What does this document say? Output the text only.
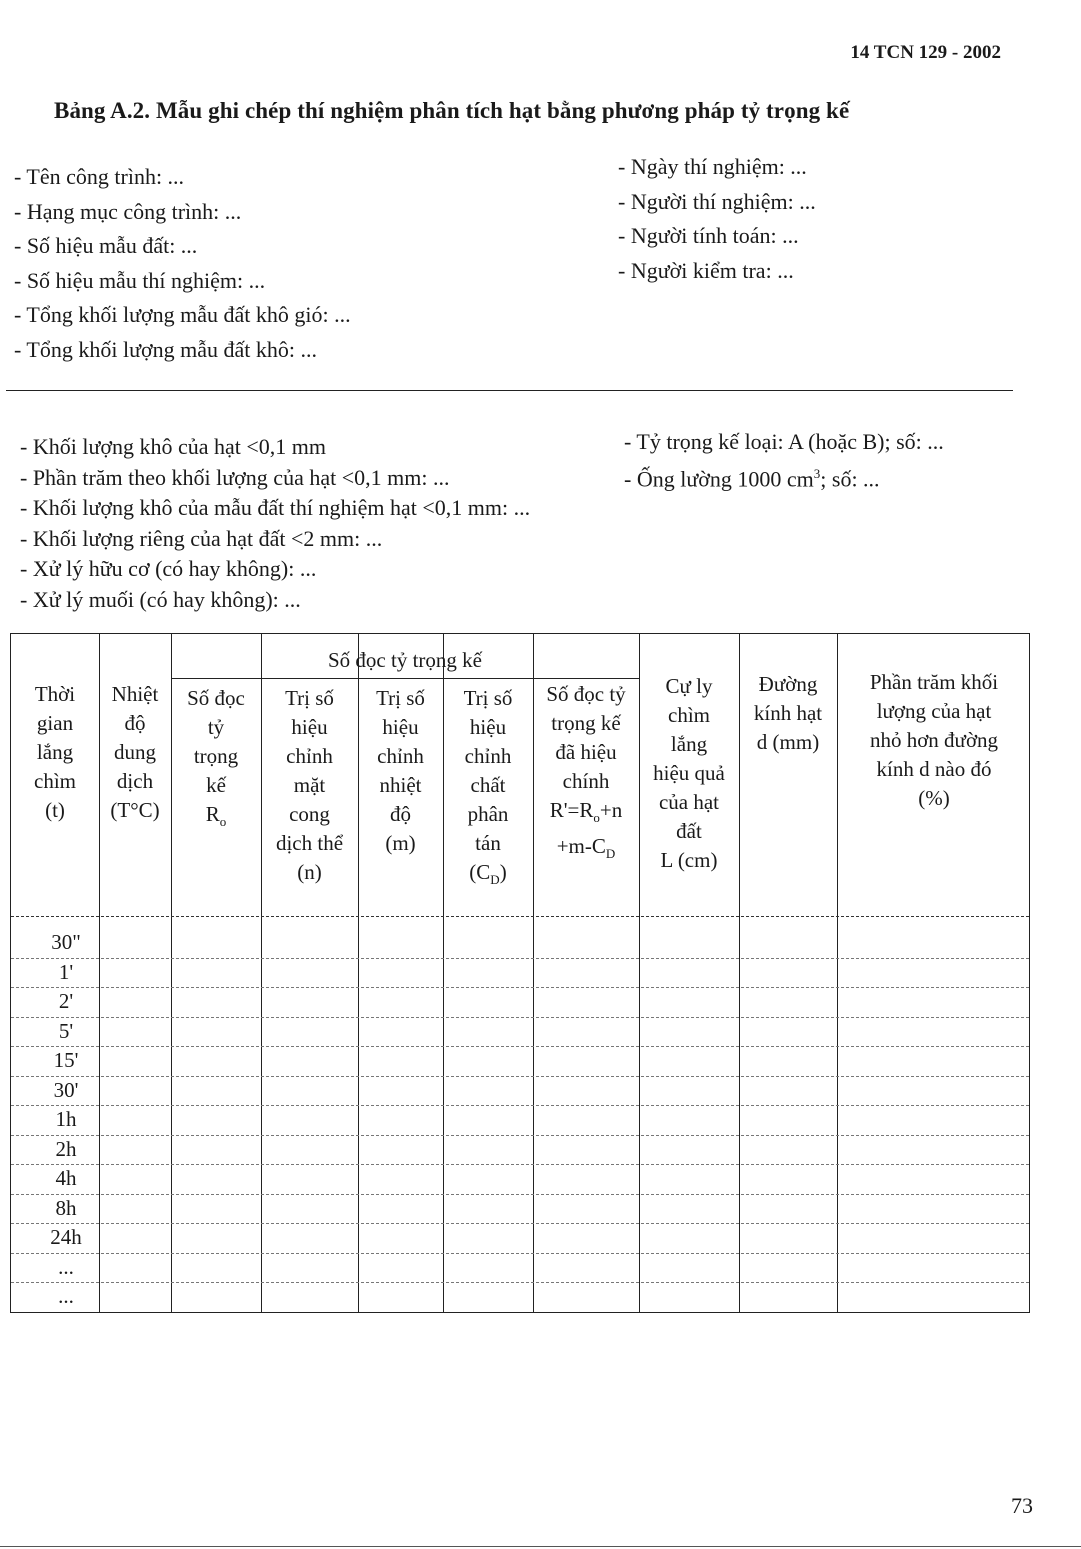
14 TCN 129 - 2002
Bảng A.2. Mẫu ghi chép thí nghiệm phân tích hạt bằng phương pháp tỷ trọng kế
- Tên công trình: ...
- Hạng mục công trình: ...
- Số hiệu mẫu đất: ...
- Số hiệu mẫu thí nghiệm: ...
- Tổng khối lượng mẫu đất khô gió: ...
- Tổng khối lượng mẫu đất khô: ...
- Ngày thí nghiệm: ...
- Người thí nghiệm: ...
- Người tính toán: ...
- Người kiểm tra: ...
- Khối lượng khô của hạt <0,1 mm
- Phần trăm theo khối lượng của hạt <0,1 mm: ...
- Khối lượng khô của mẫu đất thí nghiệm hạt <0,1 mm: ...
- Khối lượng riêng của hạt đất <2 mm: ...
- Xử lý hữu cơ (có hay không): ...
- Xử lý muối (có hay không): ...
- Tỷ trọng kế loại: A (hoặc B); số: ...
- Ống lường 1000 $cm^3$; số: ...
Số đọc tỷ trọng kế
Thời
gian
lắng
chìm
(t)
Nhiệt
độ
dung
dịch
(T°C)
Số đọc
tỷ
trọng
kế
$R_o$
Trị số
hiệu
chỉnh
mặt
cong
dịch thể
(n)
Trị số
hiệu
chỉnh
nhiệt
độ
(m)
Trị số
hiệu
chỉnh
chất
phân
tán
$(C_D)$
Số đọc tỷ
trọng kế
đã hiệu
chính
$R'=R_o+n$
$+m-C_D$
Cự ly
chìm
lắng
hiệu quả
của hạt
đất
L (cm)
Đường
kính hạt
d (mm)
Phần trăm khối
lượng của hạt
nhỏ hơn đường
kính d nào đó
(%)
30"
1'
2'
5'
15'
30'
1h
2h
4h
8h
24h
...
...
73
